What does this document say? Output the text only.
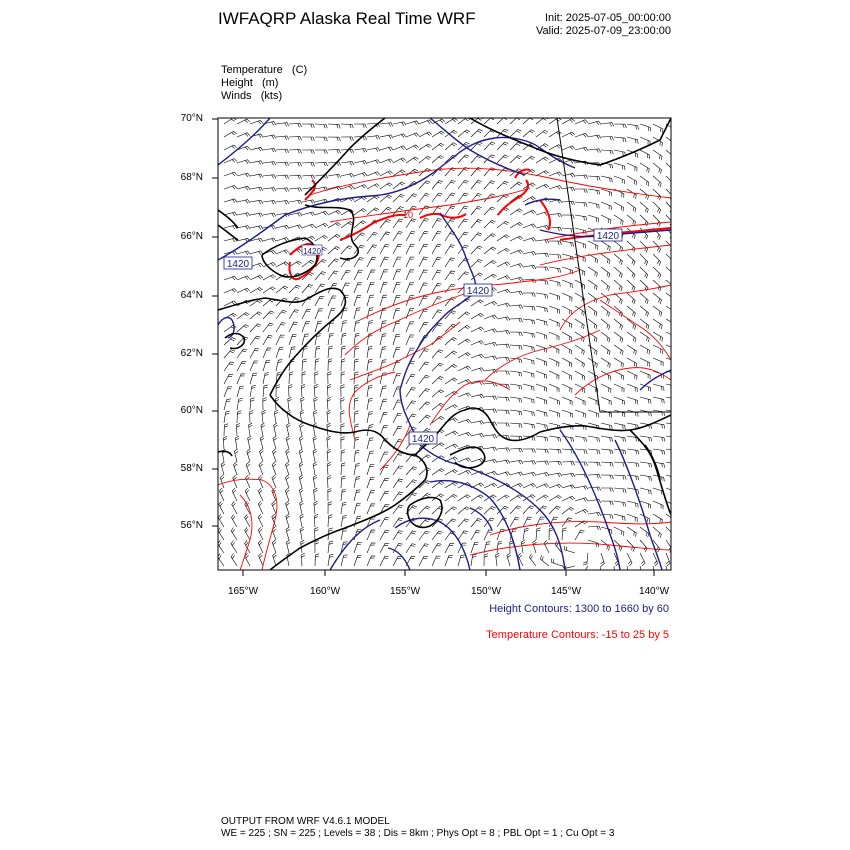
IWFAQRP Alaska Real Time WRF	Init: 2025-07-05_00:00:00
Valid: 2025-07-09_23:00:00
Temperature   (C)
Height   (m)
Winds   (kts)
1420
1420
1420
1420
1420
10
70°N
68°N
66°N
64°N
62°N
60°N
58°N
56°N
165°W	160°W	155°W	150°W	145°W	140°W
Height Contours: 1300 to 1660 by 60
Temperature Contours: -15 to 25 by 5
OUTPUT FROM WRF V4.6.1 MODEL
WE = 225 ; SN = 225 ; Levels = 38 ; Dis = 8km ; Phys Opt = 8 ; PBL Opt = 1 ; Cu Opt = 3
